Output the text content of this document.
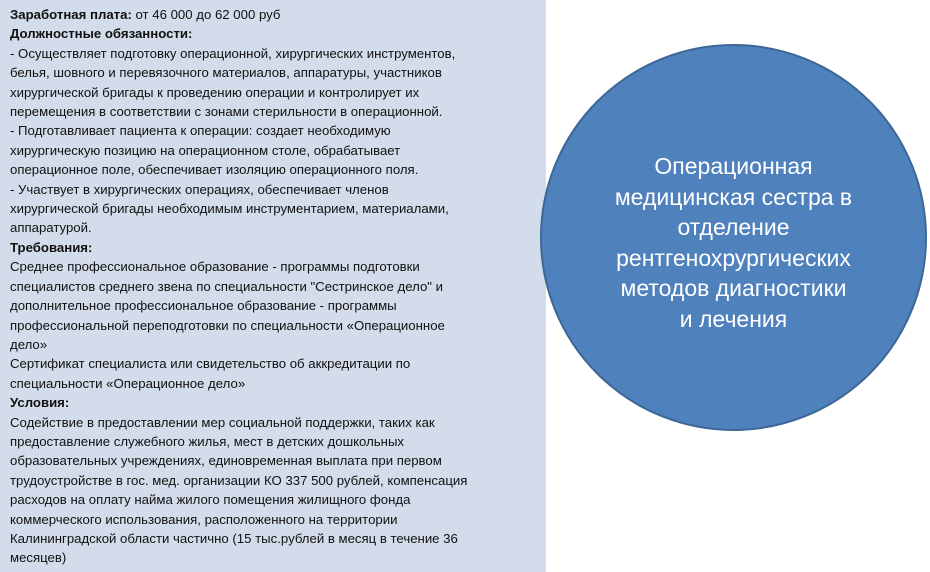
Заработная плата: от 46 000 до 62 000 руб
Должностные обязанности:
- Осуществляет подготовку операционной, хирургических инструментов,
белья, шовного и перевязочного материалов, аппаратуры, участников
хирургической бригады к проведению операции и контролирует их
перемещения в соответствии с зонами стерильности в операционной.
- Подготавливает пациента к операции: создает необходимую
хирургическую позицию на операционном столе, обрабатывает
операционное поле, обеспечивает изоляцию операционного поля.
- Участвует в хирургических операциях, обеспечивает членов
хирургической бригады необходимым инструментарием, материалами,
аппаратурой.
Требования:
Среднее профессиональное образование - программы подготовки
специалистов среднего звена по специальности "Сестринское дело" и
дополнительное профессиональное образование - программы
профессиональной переподготовки по специальности «Операционное
дело»
Сертификат специалиста или свидетельство об аккредитации по
специальности «Операционное дело»
Условия:
Содействие в предоставлении мер социальной поддержки, таких как
предоставление служебного жилья, мест в детских дошкольных
образовательных учреждениях, единовременная выплата при первом
трудоустройстве в гос. мед. организации КО 337 500 рублей, компенсация
расходов на оплату найма жилого помещения жилищного фонда
коммерческого использования, расположенного на территории
Калининградской области частично (15 тыс.рублей в месяц в течение 36
месяцев)
Операционная
медицинская сестра в
отделение
рентгенохрургических
методов диагностики
и лечения
